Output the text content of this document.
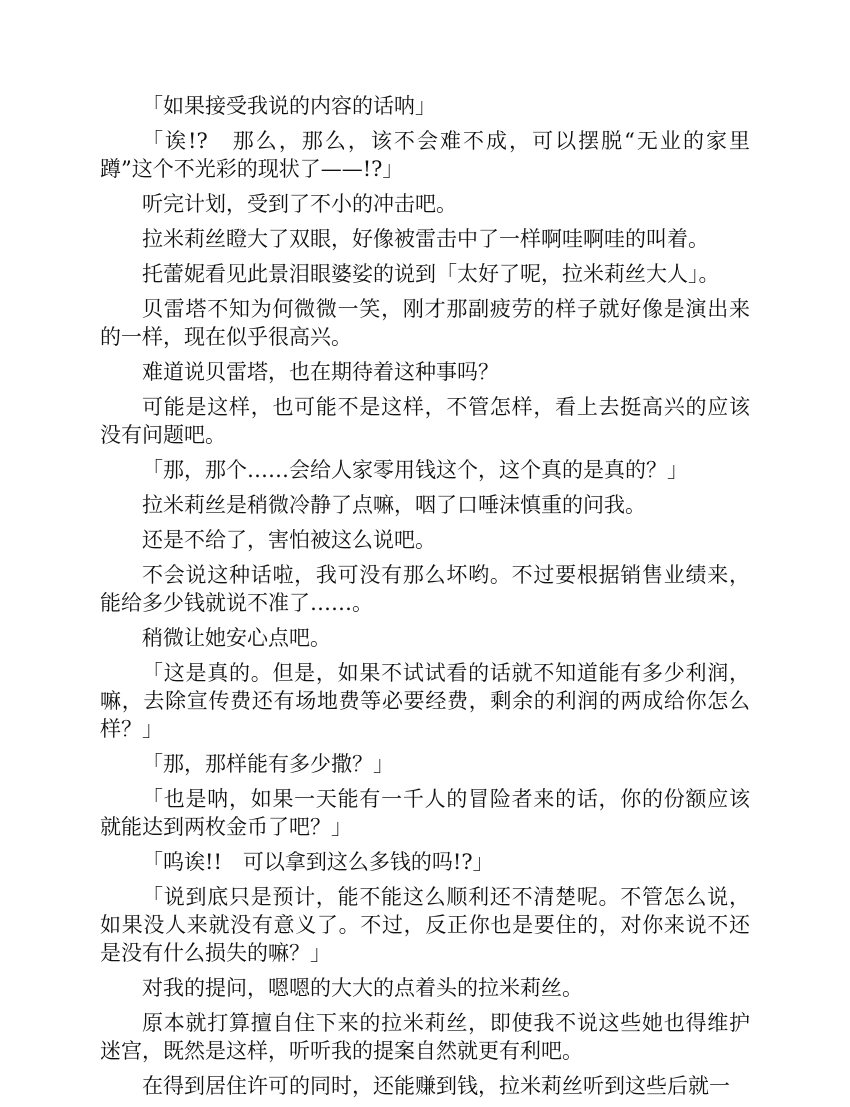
「如果接受我说的内容的话呐」

「诶!?　那么，那么，该不会难不成，可以摆脱“无业的家里蹲”这个不光彩的现状了——!?」

听完计划，受到了不小的冲击吧。

拉米莉丝瞪大了双眼，好像被雷击中了一样啊哇啊哇的叫着。

托蕾妮看见此景泪眼婆娑的说到「太好了呢，拉米莉丝大人」。

贝雷塔不知为何微微一笑，刚才那副疲劳的样子就好像是演出来的一样，现在似乎很高兴。

难道说贝雷塔，也在期待着这种事吗？

可能是这样，也可能不是这样，不管怎样，看上去挺高兴的应该没有问题吧。

「那，那个……会给人家零用钱这个，这个真的是真的？」

拉米莉丝是稍微冷静了点嘛，咽了口唾沫慎重的问我。

还是不给了，害怕被这么说吧。

不会说这种话啦，我可没有那么坏哟。不过要根据销售业绩来，能给多少钱就说不准了……。

稍微让她安心点吧。

「这是真的。但是，如果不试试看的话就不知道能有多少利润，嘛，去除宣传费还有场地费等必要经费，剩余的利润的两成给你怎么样？」

「那，那样能有多少撒？」

「也是呐，如果一天能有一千人的冒险者来的话，你的份额应该就能达到两枚金币了吧？」

「呜诶!!　可以拿到这么多钱的吗!?」

「说到底只是预计，能不能这么顺利还不清楚呢。不管怎么说，如果没人来就没有意义了。不过，反正你也是要住的，对你来说不还是没有什么损失的嘛？」

对我的提问，嗯嗯的大大的点着头的拉米莉丝。

原本就打算擅自住下来的拉米莉丝，即使我不说这些她也得维护迷宫，既然是这样，听听我的提案自然就更有利吧。

在得到居住许可的同时，还能赚到钱，拉米莉丝听到这些后就一
